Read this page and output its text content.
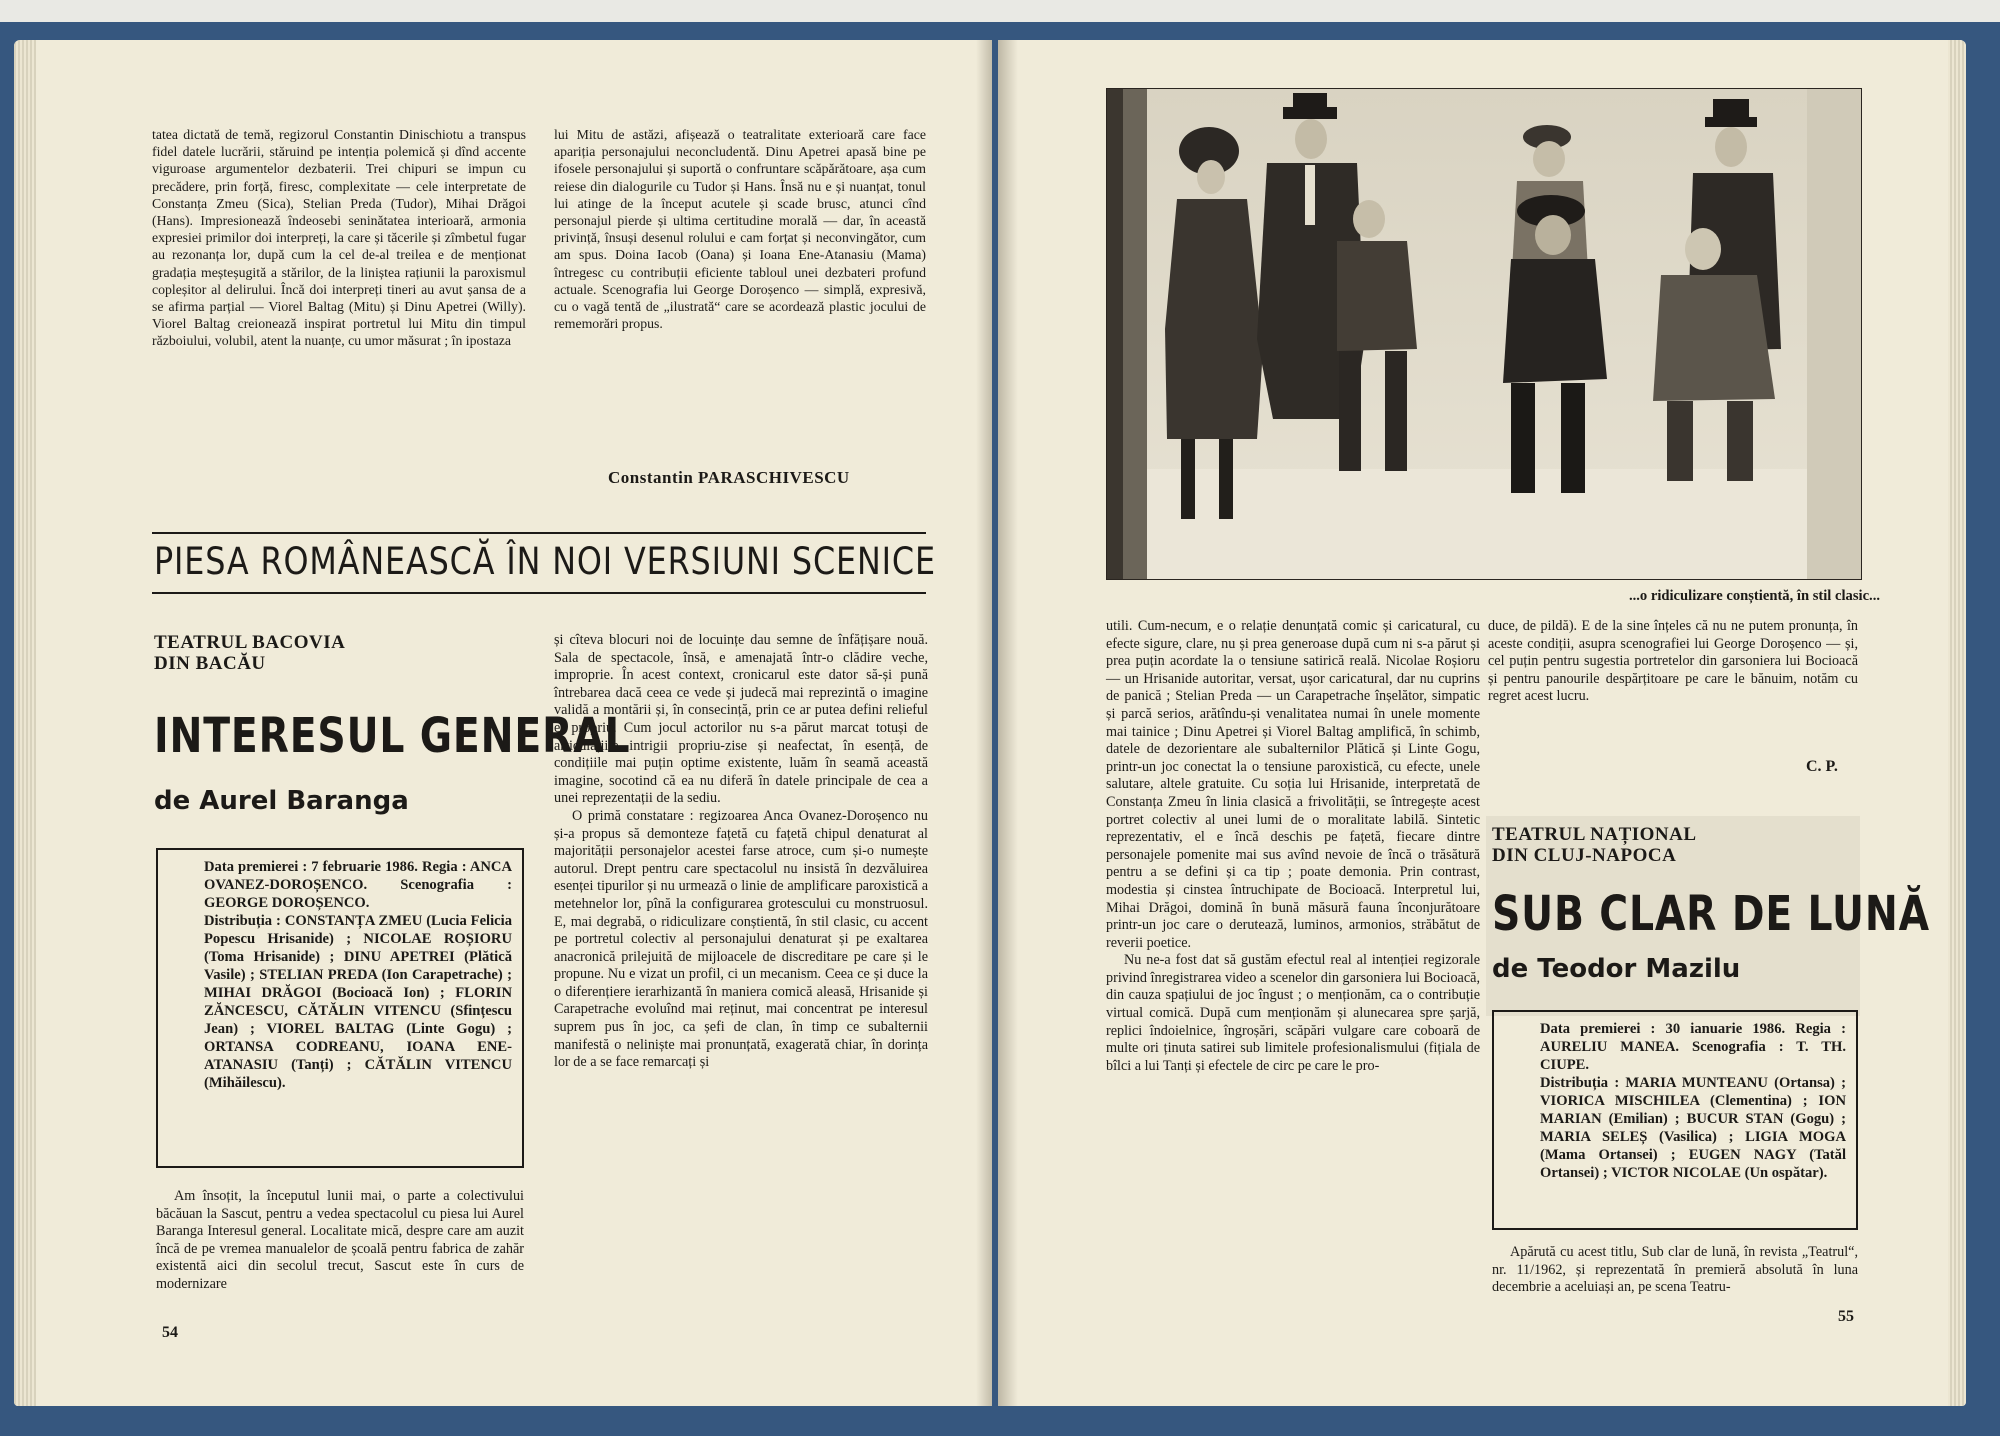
tatea dictată de temă, regizorul Constantin Dinischiotu a transpus fidel datele lucrării, stăruind pe intenția polemică și dînd accente viguroase argumentelor dezbaterii. Trei chipuri se impun cu precădere, prin forță, firesc, complexitate — cele interpretate de Constanța Zmeu (Sica), Stelian Preda (Tudor), Mihai Drăgoi (Hans). Impresionează îndeosebi seninătatea interioară, armonia expresiei primilor doi interpreți, la care și tăcerile și zîmbetul fugar au rezonanța lor, după cum la cel de-al treilea e de menționat gradația meșteșugită a stărilor, de la liniștea rațiunii la paroxismul copleșitor al delirului. Încă doi interpreți tineri au avut șansa de a se afirma parțial — Viorel Baltag (Mitu) și Dinu Apetrei (Willy). Viorel Baltag creionează inspirat portretul lui Mitu din timpul războiului, volubil, atent la nuanțe, cu umor măsurat ; în ipostaza

lui Mitu de astăzi, afișează o teatralitate exterioară care face apariția personajului neconcludentă. Dinu Apetrei apasă bine pe ifosele personajului și suportă o confruntare scăpărătoare, așa cum reiese din dialogurile cu Tudor și Hans. Însă nu e și nuanțat, tonul lui atinge de la început acutele și scade brusc, atunci cînd personajul pierde și ultima certitudine morală — dar, în această privință, însuși desenul rolului e cam forțat și neconvingător, cum am spus. Doina Iacob (Oana) și Ioana Ene-Atanasiu (Mama) întregesc cu contribuții eficiente tabloul unei dezbateri profund actuale. Scenografia lui George Doroșenco — simplă, expresivă, cu o vagă tentă de „ilustrată“ care se acordează plastic jocului de rememorări propus.

Constantin PARASCHIVESCU
PIESA ROMÂNEASCĂ ÎN NOI VERSIUNI SCENICE
TEATRUL BACOVIA
DIN BACĂU
INTERESUL GENERAL
de Aurel Baranga

Data premierei : 7 februarie 1986. Regia : ANCA OVANEZ-DOROȘENCO. Scenografia : GEORGE DOROȘENCO.

Distribuția : CONSTANȚA ZMEU (Lucia Felicia Popescu Hrisanide) ; NICOLAE ROȘIORU (Toma Hrisanide) ; DINU APETREI (Plătică Vasile) ; STELIAN PREDA (Ion Carapetrache) ; MIHAI DRĂGOI (Bocioacă Ion) ; FLORIN ZĂNCESCU, CĂTĂLIN VITENCU (Sfințescu Jean) ; VIOREL BALTAG (Linte Gogu) ; ORTANSA CODREANU, IOANA ENE-ATANASIU (Tanți) ; CĂTĂLIN VITENCU (Mihăilescu).

Am însoțit, la începutul lunii mai, o parte a colectivului băcăuan la Sascut, pentru a vedea spectacolul cu piesa lui Aurel Baranga Interesul general. Localitate mică, despre care am auzit încă de pe vremea manualelor de școală pentru fabrica de zahăr existentă aici din secolul trecut, Sascut este în curs de modernizare

și cîteva blocuri noi de locuințe dau semne de înfățișare nouă. Sala de spectacole, însă, e amenajată într-o clădire veche, improprie. În acest context, cronicarul este dator să-și pună întrebarea dacă ceea ce vede și judecă mai reprezintă o imagine validă a montării și, în consecință, prin ce ar putea defini relieful ei propriu. Cum jocul actorilor nu s-a părut marcat totuși de articulațiile intrigii propriu-zise și neafectat, în esență, de condițiile mai puțin optime existente, luăm în seamă această imagine, socotind că ea nu diferă în datele principale de cea a unei reprezentații de la sediu.

O primă constatare : regizoarea Anca Ovanez-Doroșenco nu și-a propus să demonteze fațetă cu fațetă chipul denaturat al majorității personajelor acestei farse atroce, cum și-o numește autorul. Drept pentru care spectacolul nu insistă în dezvăluirea esenței tipurilor și nu urmează o linie de amplificare paroxistică a metehnelor lor, pînă la configurarea grotescului cu monstruosul. E, mai degrabă, o ridiculizare conștientă, în stil clasic, cu accent pe portretul colectiv al personajului denaturat și pe exaltarea anacronică prilejuită de mijloacele de discreditare pe care și le propune. Nu e vizat un profil, ci un mecanism. Ceea ce și duce la o diferențiere ierarhizantă în maniera comică aleasă, Hrisanide și Carapetrache evoluînd mai reținut, mai concentrat pe interesul suprem pus în joc, ca șefi de clan, în timp ce subalternii manifestă o neliniște mai pronunțată, exagerată chiar, în dorința lor de a se face remarcați și

54
...o ridiculizare conștientă, în stil clasic...

utili. Cum-necum, e o relație denunțată comic și caricatural, cu efecte sigure, clare, nu și prea generoase după cum ni s-a părut și prea puțin acordate la o tensiune satirică reală. Nicolae Roșioru — un Hrisanide autoritar, versat, ușor caricatural, dar nu cuprins de panică ; Stelian Preda — un Carapetrache înșelător, simpatic și parcă serios, arătîndu-și venalitatea numai în unele momente mai tainice ; Dinu Apetrei și Viorel Baltag amplifică, în schimb, datele de dezorientare ale subalternilor Plătică și Linte Gogu, printr-un joc conectat la o tensiune paroxistică, cu efecte, unele salutare, altele gratuite. Cu soția lui Hrisanide, interpretată de Constanța Zmeu în linia clasică a frivolității, se întregește acest portret colectiv al unei lumi de o moralitate labilă. Sintetic reprezentativ, el e încă deschis pe fațetă, fiecare dintre personajele pomenite mai sus avînd nevoie de încă o trăsătură pentru a se defini și ca tip ; poate demonia. Prin contrast, modestia și cinstea întruchipate de Bocioacă. Interpretul lui, Mihai Drăgoi, domină în bună măsură fauna înconjurătoare printr-un joc care o derutează, luminos, armonios, străbătut de reverii poetice.

Nu ne-a fost dat să gustăm efectul real al intenției regizorale privind înregistrarea video a scenelor din garsoniera lui Bocioacă, din cauza spațiului de joc îngust ; o menționăm, ca o contribuție virtual comică. După cum menționăm și alunecarea spre șarjă, replici îndoielnice, îngroșări, scăpări vulgare care coboară de multe ori ținuta satirei sub limitele profesionalismului (fițiala de bîlci a lui Tanți și efectele de circ pe care le pro-

duce, de pildă). E de la sine înțeles că nu ne putem pronunța, în aceste condiții, asupra scenografiei lui George Doroșenco — și, cel puțin pentru sugestia portretelor din garsoniera lui Bocioacă și pentru panourile despărțitoare pe care le bănuim, notăm cu regret acest lucru.

C. P.
TEATRUL NAȚIONAL
DIN CLUJ-NAPOCA
SUB CLAR DE LUNĂ
de Teodor Mazilu

Data premierei : 30 ianuarie 1986. Regia : AURELIU MANEA. Scenografia : T. TH. CIUPE.

Distribuția : MARIA MUNTEANU (Ortansa) ; VIORICA MISCHILEA (Clementina) ; ION MARIAN (Emilian) ; BUCUR STAN (Gogu) ; MARIA SELEȘ (Vasilica) ; LIGIA MOGA (Mama Ortansei) ; EUGEN NAGY (Tatăl Ortansei) ; VICTOR NICOLAE (Un ospătar).

Apărută cu acest titlu, Sub clar de lună, în revista „Teatrul“, nr. 11/1962, și reprezentată în premieră absolută în luna decembrie a aceluiași an, pe scena Teatru-

55
